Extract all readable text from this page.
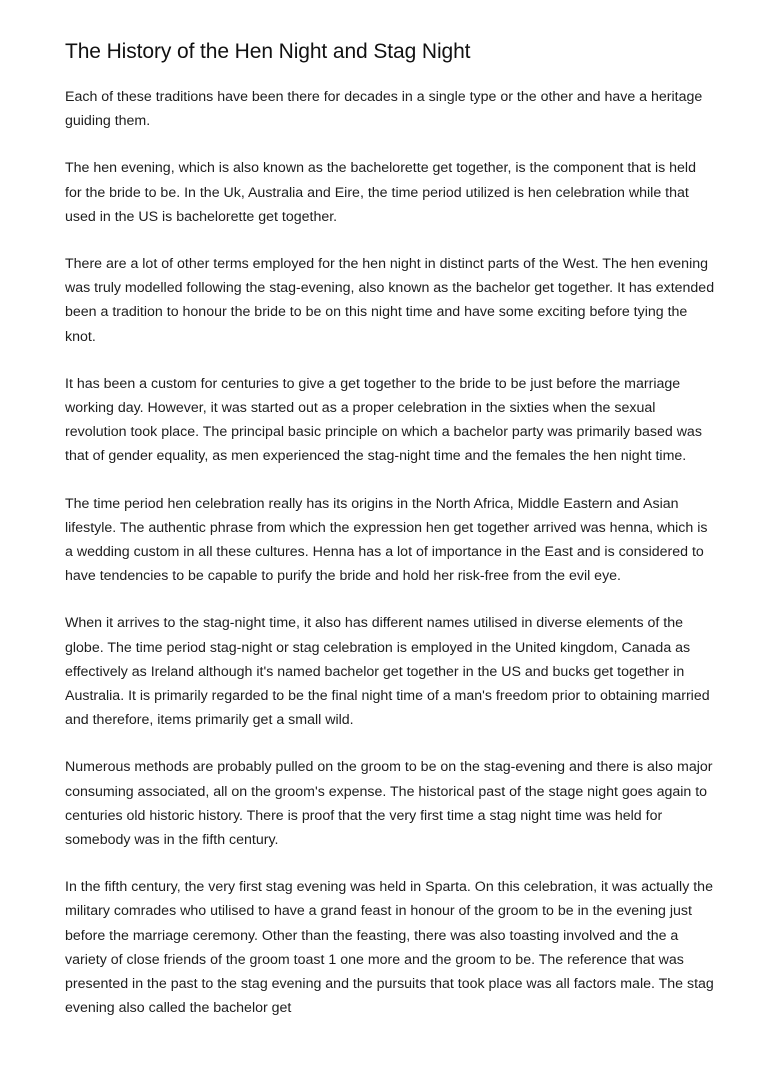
The History of the Hen Night and Stag Night

Each of these traditions have been there for decades in a single type or the other and have a heritage guiding them.

The hen evening, which is also known as the bachelorette get together, is the component that is held for the bride to be. In the Uk, Australia and Eire, the time period utilized is hen celebration while that used in the US is bachelorette get together.

There are a lot of other terms employed for the hen night in distinct parts of the West. The hen evening was truly modelled following the stag-evening, also known as the bachelor get together. It has extended been a tradition to honour the bride to be on this night time and have some exciting before tying the knot.

It has been a custom for centuries to give a get together to the bride to be just before the marriage working day. However, it was started out as a proper celebration in the sixties when the sexual revolution took place. The principal basic principle on which a bachelor party was primarily based was that of gender equality, as men experienced the stag-night time and the females the hen night time.

The time period hen celebration really has its origins in the North Africa, Middle Eastern and Asian lifestyle. The authentic phrase from which the expression hen get together arrived was henna, which is a wedding custom in all these cultures. Henna has a lot of importance in the East and is considered to have tendencies to be capable to purify the bride and hold her risk-free from the evil eye.

When it arrives to the stag-night time, it also has different names utilised in diverse elements of the globe. The time period stag-night or stag celebration is employed in the United kingdom, Canada as effectively as Ireland although it's named bachelor get together in the US and bucks get together in Australia. It is primarily regarded to be the final night time of a man's freedom prior to obtaining married and therefore, items primarily get a small wild.

Numerous methods are probably pulled on the groom to be on the stag-evening and there is also major consuming associated, all on the groom's expense. The historical past of the stage night goes again to centuries old historic history. There is proof that the very first time a stag night time was held for somebody was in the fifth century.

In the fifth century, the very first stag evening was held in Sparta. On this celebration, it was actually the military comrades who utilised to have a grand feast in honour of the groom to be in the evening just before the marriage ceremony. Other than the feasting, there was also toasting involved and the a variety of close friends of the groom toast 1 one more and the groom to be. The reference that was presented in the past to the stag evening and the pursuits that took place was all factors male. The stag evening also called the bachelor get
